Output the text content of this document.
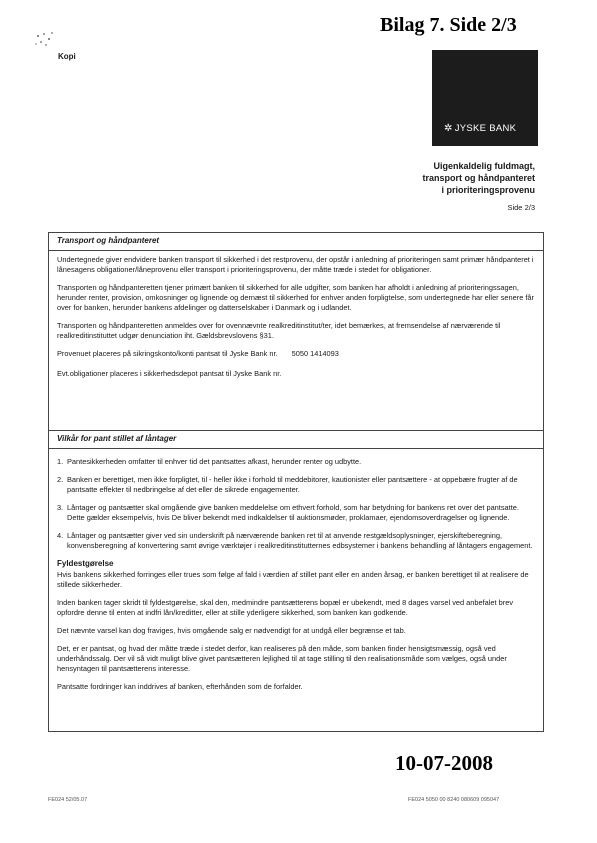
Bilag 7. Side 2/3
Kopi
✲ JYSKE BANK
Uigenkaldelig fuldmagt,
transport og håndpanteret
i prioriteringsprovenu
Side 2/3
Transport og håndpanteret

Undertegnede giver endvidere banken transport til sikkerhed i det restprovenu, der opstår i anledning af prioriteringen samt primær håndpanteret i lånesagens obligationer/låneprovenu eller transport i prioriteringsprovenu, der måtte træde i stedet for obligationer.

Transporten og håndpanteretten tjener primært banken til sikkerhed for alle udgifter, som banken har afholdt i anledning af prioriteringssagen, herunder renter, provision, omkosninger og lignende og dernæst til sikkerhed for enhver anden forpligtelse, som undertegnede har eller senere får over for banken, herunder bankens afdelinger og datterselskaber i Danmark og i udlandet.

Transporten og håndpanteretten anmeldes over for ovennævnte realkreditinstitut/ter, idet bemærkes, at fremsendelse af nærværende til realkreditinstituttet udgør denunciation iht. Gældsbrevslovens §31.

Provenuet placeres på sikringskonto/konti pantsat til Jyske Bank nr. 5050 1414093
Evt.obligationer placeres i sikkerhedsdepot pantsat til Jyske Bank nr.
Vilkår for pant stillet af låntager
1. Pantesikkerheden omfatter til enhver tid det pantsattes afkast, herunder renter og udbytte.
2. Banken er berettiget, men ikke forpligtet, til - heller ikke i forhold til meddebitorer, kautionister eller pantsættere - at oppebære frugter af de pantsatte effekter til nedbringelse af det eller de sikrede engagementer.
3. Låntager og pantsætter skal omgående give banken meddelelse om ethvert forhold, som har betydning for bankens ret over det pantsatte. Dette gælder eksempelvis, hvis De bliver bekendt med indkaldelser til auktionsmøder, proklamaer, ejendomsoverdragelser og lignende.
4. Låntager og pantsætter giver ved sin underskrift på nærværende banken ret til at anvende restgældsoplysninger, ejerskifteberegning, konvensberegning af konvertering samt øvrige værktøjer i realkreditinstitutternes edbsystemer i bankens behandling af låntagers engagement.
Fyldestgørelse

Hvis bankens sikkerhed forringes eller trues som følge af fald i værdien af stillet pant eller en anden årsag, er banken berettiget til at realisere de stillede sikkerheder.

Inden banken tager skridt til fyldestgørelse, skal den, medmindre pantsætterens bopæl er ubekendt, med 8 dages varsel ved anbefalet brev opfordre denne til enten at indfri lån/kreditter, eller at stille yderligere sikkerhed, som banken kan godkende.

Det nævnte varsel kan dog fraviges, hvis omgående salg er nødvendigt for at undgå eller begrænse et tab.

Det, er er pantsat, og hvad der måtte træde i stedet derfor, kan realiseres på den måde, som banken finder hensigtsmæssig, også ved underhåndssalg. Der vil så vidt muligt blive givet pantsætteren lejlighed til at tage stilling til den realisationsmåde som vælges, også under hensyntagen til pantsætterens interesse.

Pantsatte fordringer kan inddrives af banken, efterhånden som de forfalder.

10-07-2008
FE024 52/05.07	FE024 5050 00 8240 080609 095047
